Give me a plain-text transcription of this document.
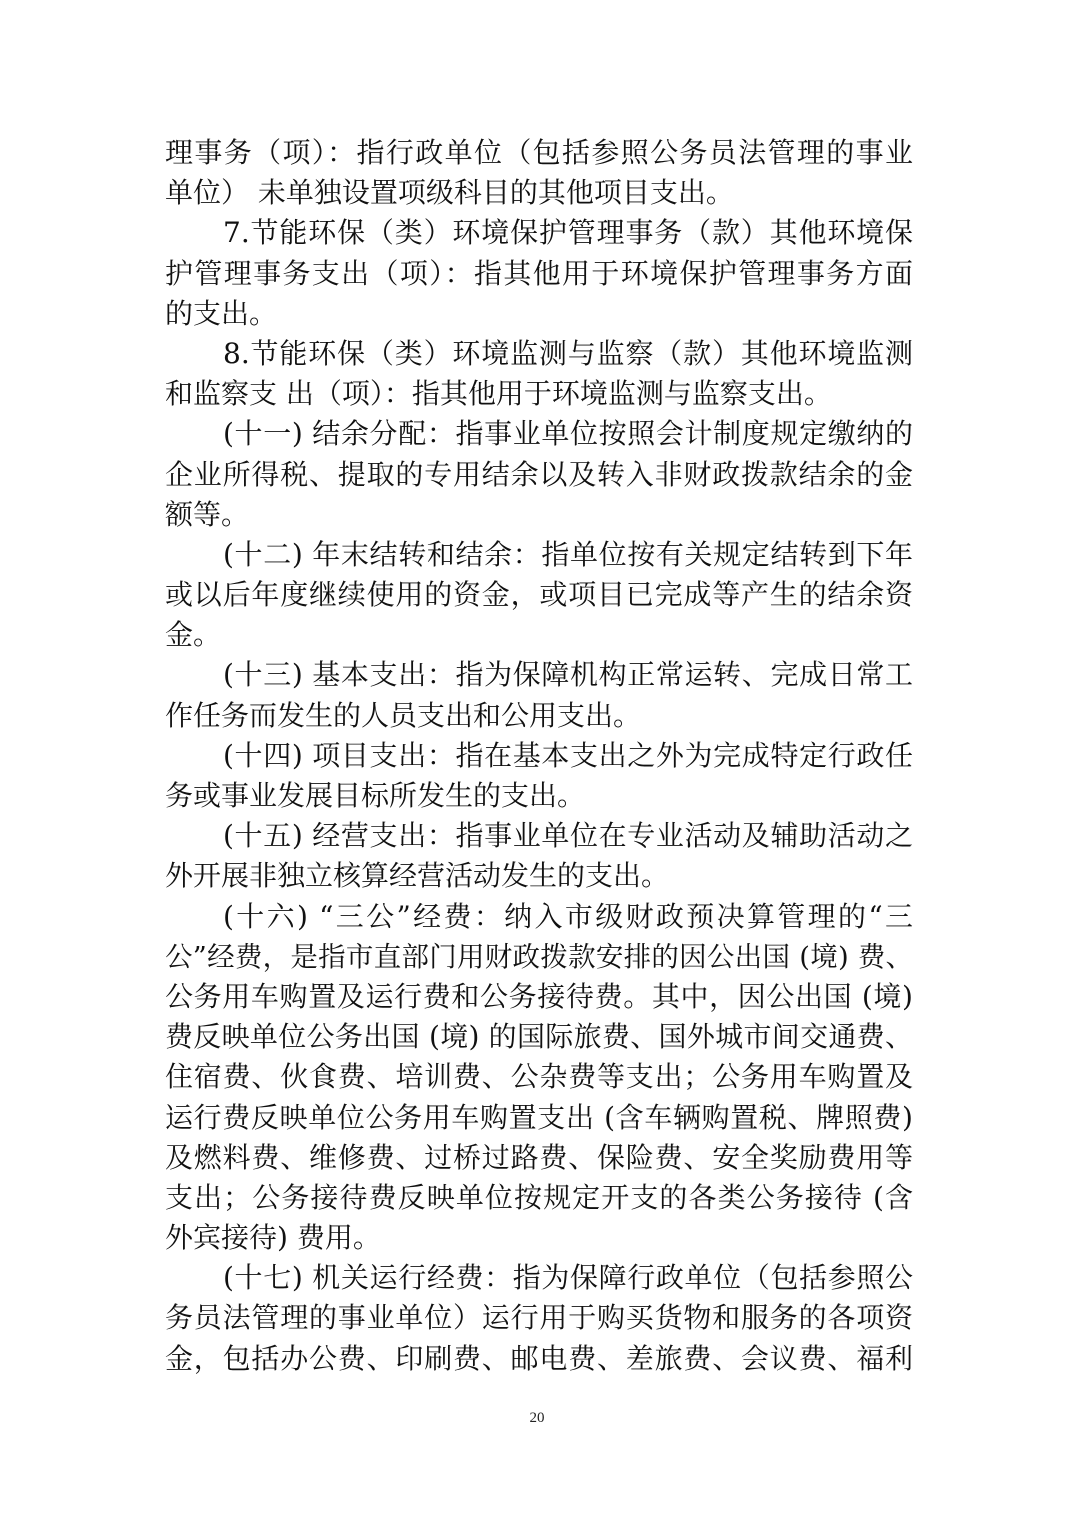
理事务（项）：指行政单位（包括参照公务员法管理的事业
单位） 未单独设置项级科目的其他项目支出。
7.节能环保（类）环境保护管理事务（款）其他环境保
护管理事务支出（项）：指其他用于环境保护管理事务方面
的支出。
8.节能环保（类）环境监测与监察（款）其他环境监测
和监察支 出（项）：指其他用于环境监测与监察支出。
(十一) 结余分配：指事业单位按照会计制度规定缴纳的
企业所得税、提取的专用结余以及转入非财政拨款结余的金
额等。
(十二) 年末结转和结余：指单位按有关规定结转到下年
或以后年度继续使用的资金，或项目已完成等产生的结余资
金。
(十三) 基本支出：指为保障机构正常运转、完成日常工
作任务而发生的人员支出和公用支出。
(十四) 项目支出：指在基本支出之外为完成特定行政任
务或事业发展目标所发生的支出。
(十五) 经营支出：指事业单位在专业活动及辅助活动之
外开展非独立核算经营活动发生的支出。
(十六) “三公”经费：纳入市级财政预决算管理的“三
公”经费，是指市直部门用财政拨款安排的因公出国 (境) 费、
公务用车购置及运行费和公务接待费。其中，因公出国 (境)
费反映单位公务出国 (境) 的国际旅费、国外城市间交通费、
住宿费、伙食费、培训费、公杂费等支出；公务用车购置及
运行费反映单位公务用车购置支出 (含车辆购置税、牌照费)
及燃料费、维修费、过桥过路费、保险费、安全奖励费用等
支出；公务接待费反映单位按规定开支的各类公务接待 (含
外宾接待) 费用。
(十七) 机关运行经费：指为保障行政单位（包括参照公
务员法管理的事业单位）运行用于购买货物和服务的各项资
金，包括办公费、印刷费、邮电费、差旅费、会议费、福利
20
